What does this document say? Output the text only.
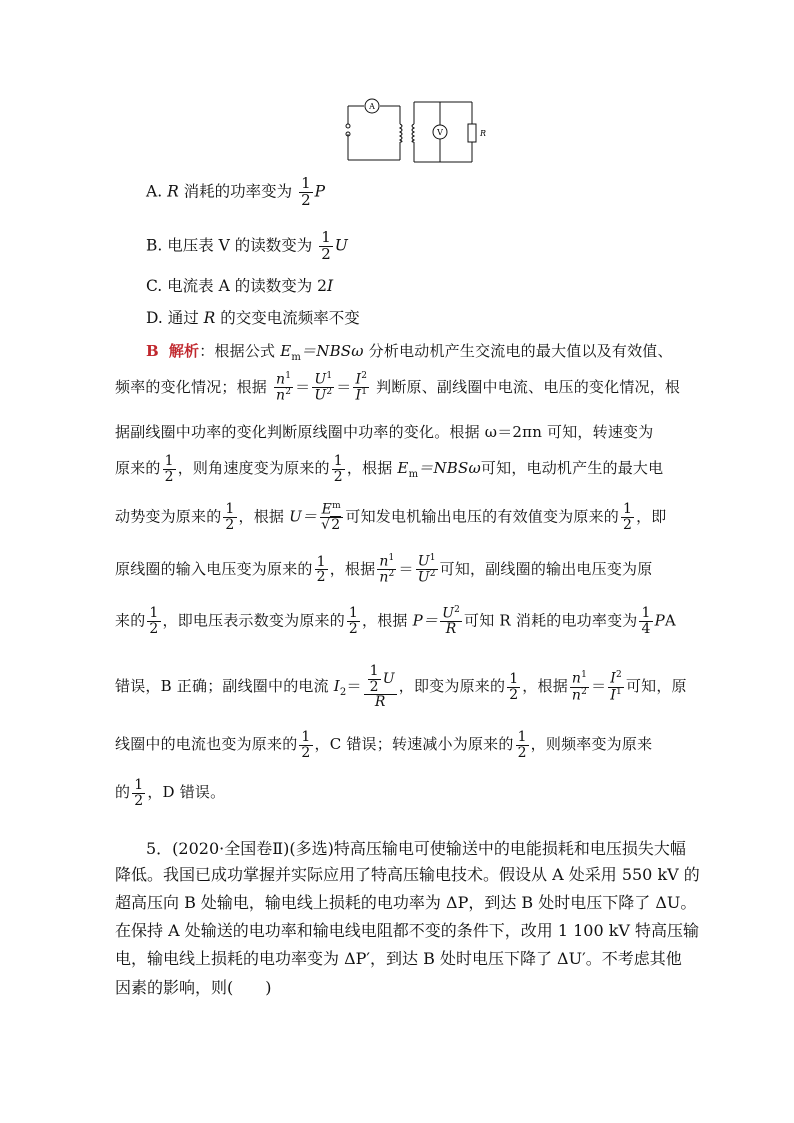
A
V	R
A. R 消耗的功率变为 $\frac{1}{2}$ P
B. 电压表 V 的读数变为 $\frac{1}{2}$ U
C. 电流表 A 的读数变为 2I
D. 通过 R 的交变电流频率不变
B 解析：根据公式 $E_m=NBS\omega$ 分析电动机产生交流电的最大值以及有效值、
频率的变化情况；根据 $\frac{n^1}{n^2} = \frac{U^1}{U^2} = \frac{I^2}{I^1}$ 判断原、副线圈中电流、电压的变化情况，根
据副线圈中功率的变化判断原线圈中功率的变化。根据 ω＝2πn 可知，转速变为
原来的 $\frac{1}{2}$ ，则角速度变为原来的 $\frac{1}{2}$ ，根据 $E_m=NBS\omega$可知，电动机产生的最大电
动势变为原来的 $\frac{1}{2}$ ，根据 $U= \frac{E^m}{√2}$ 可知发电机输出电压的有效值变为原来的 $\frac{1}{2}$ ，即
原线圈的输入电压变为原来的 $\frac{1}{2}$ ，根据 $\frac{n^1}{n^2} = \frac{U^1}{U^2}$ 可知，副线圈的输出电压变为原
来的 $\frac{1}{2}$ ，即电压表示数变为原来的 $\frac{1}{2}$ ，根据 $P= \frac{U^2}{R}$ 可知 R 消耗的电功率变为 $\frac{1}{4}$ PA
错误，B 正确；副线圈中的电流 $I_2= \frac{\frac{1}{2} U}{R}$ ，即变为原来的 $\frac{1}{2}$ ，根据 $\frac{n^1}{n^2} = \frac{I^2}{I^1}$ 可知，原
线圈中的电流也变为原来的 $\frac{1}{2}$ ，C 错误；转速减小为原来的 $\frac{1}{2}$ ，则频率变为原来
的 $\frac{1}{2}$ ，D 错误。
5．(2020·全国卷Ⅱ)(多选)特高压输电可使输送中的电能损耗和电压损失大幅
降低。我国已成功掌握并实际应用了特高压输电技术。假设从 A 处采用 550 kV 的
超高压向 B 处输电，输电线上损耗的电功率为 ΔP，到达 B 处时电压下降了 ΔU。
在保持 A 处输送的电功率和输电线电阻都不变的条件下，改用 1 100 kV 特高压输
电，输电线上损耗的电功率变为 ΔP′，到达 B 处时电压下降了 ΔU′。不考虑其他
因素的影响，则(　　)
